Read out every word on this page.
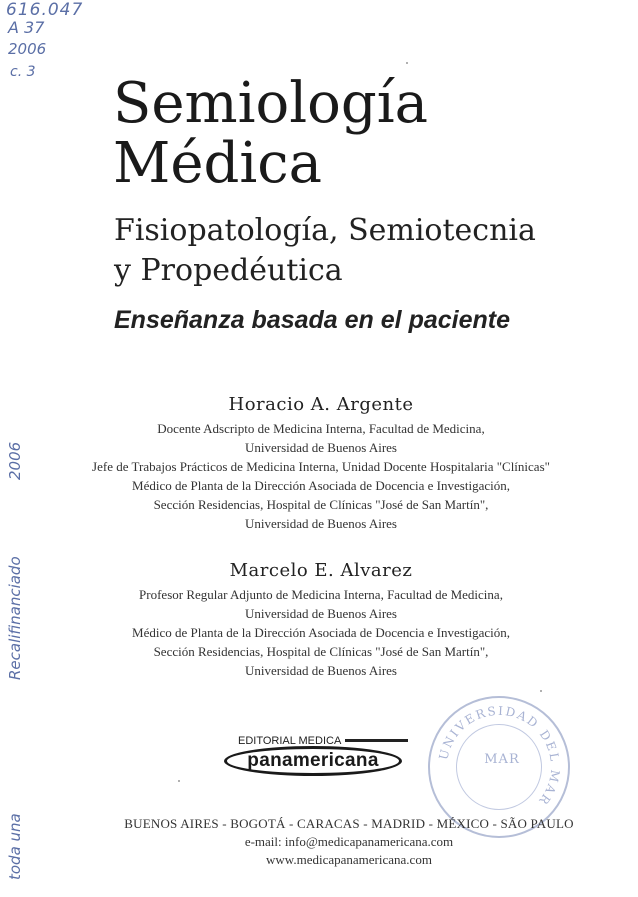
616.047
A 37
2006
c. 3
2006
Recalifinanciado
toda una
Semiología
Médica
Fisiopatología, Semiotecnia
y Propedéutica
Enseñanza basada en el paciente
Horacio A. Argente
Docente Adscripto de Medicina Interna, Facultad de Medicina,
Universidad de Buenos Aires
Jefe de Trabajos Prácticos de Medicina Interna, Unidad Docente Hospitalaria "Clínicas"
Médico de Planta de la Dirección Asociada de Docencia e Investigación,
Sección Residencias, Hospital de Clínicas "José de San Martín",
Universidad de Buenos Aires
Marcelo E. Alvarez
Profesor Regular Adjunto de Medicina Interna, Facultad de Medicina,
Universidad de Buenos Aires
Médico de Planta de la Dirección Asociada de Docencia e Investigación,
Sección Residencias, Hospital de Clínicas "José de San Martín",
Universidad de Buenos Aires
EDITORIAL MEDICA
panamericana	UNIVERSIDAD DEL MAR
MAR
BUENOS AIRES - BOGOTÁ - CARACAS - MADRID - MÉXICO - SÃO PAULO
e-mail: info@medicapanamericana.com
www.medicapanamericana.com
